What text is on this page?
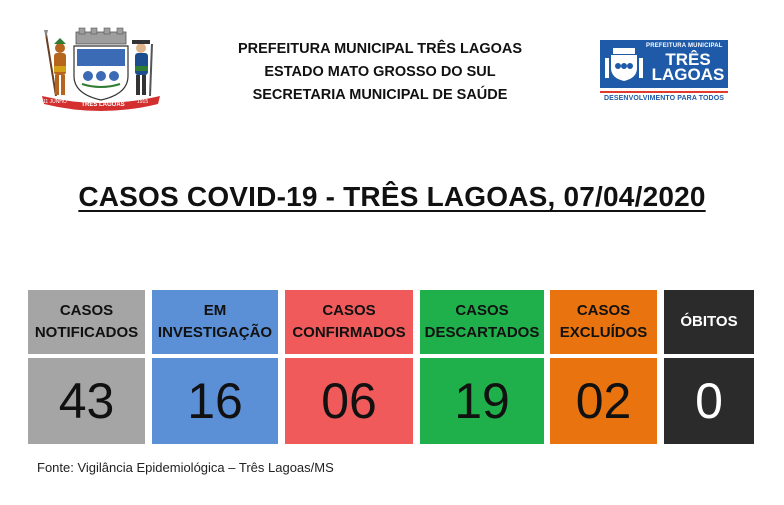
TRÊS LAGOAS
11 JUNHO	1915
PREFEITURA MUNICIPAL TRÊS LAGOAS
ESTADO MATO GROSSO DO SUL
SECRETARIA MUNICIPAL DE SAÚDE
PREFEITURA MUNICIPAL
TRÊS
LAGOAS
DESENVOLVIMENTO PARA TODOS
CASOS COVID-19 - TRÊS LAGOAS, 07/04/2020
CASOS
NOTIFICADOS
43
EM
INVESTIGAÇÃO
16
CASOS
CONFIRMADOS
06
CASOS
DESCARTADOS
19
CASOS
EXCLUÍDOS
02
ÓBITOS
0
Fonte: Vigilância Epidemiológica – Três Lagoas/MS
